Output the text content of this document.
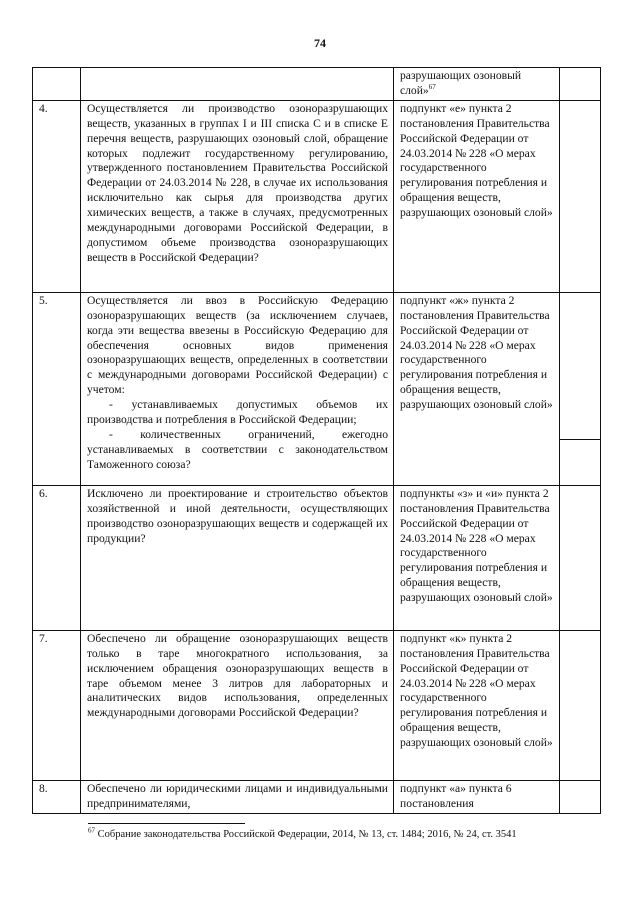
74
		разрушающих озоновый слой»$^{67}$	
4.	Осуществляется ли производство озоноразрушающих веществ, указанных в группах I и III списка С и в списке Е перечня веществ, разрушающих озоновый слой, обращение которых подлежит государственному регулированию, утвержденного постановлением Правительства Российской Федерации от 24.03.2014 № 228, в случае их использования исключительно как сырья для производства других химических веществ, а также в случаях, предусмотренных международными договорами Российской Федерации, в допустимом объеме производства озоноразрушающих веществ в Российской Федерации?	подпункт «е» пункта 2 постановления Правительства Российской Федерации от 24.03.2014 № 228 «О мерах государственного регулирования потребления и обращения веществ, разрушающих озоновый слой»	
5.	Осуществляется ли ввоз в Российскую Федерацию озоноразрушающих веществ (за исключением случаев, когда эти вещества ввезены в Российскую Федерацию для обеспечения основных видов применения озоноразрушающих веществ, определенных в соответствии с международными договорами Российской Федерации) с учетом:
- устанавливаемых допустимых объемов их производства и потребления в Российской Федерации;
- количественных ограничений, ежегодно устанавливаемых в соответствии с законодательством Таможенного союза?	подпункт «ж» пункта 2 постановления Правительства Российской Федерации от 24.03.2014 № 228 «О мерах государственного регулирования потребления и обращения веществ, разрушающих озоновый слой»	

6.	Исключено ли проектирование и строительство объектов хозяйственной и иной деятельности, осуществляющих производство озоноразрушающих веществ и содержащей их продукции?	подпункты «з» и «и» пункта 2 постановления Правительства Российской Федерации от 24.03.2014 № 228 «О мерах государственного регулирования потребления и обращения веществ, разрушающих озоновый слой»	
7.	Обеспечено ли обращение озоноразрушающих веществ только в таре многократного использования, за исключением обращения озоноразрушающих веществ в таре объемом менее 3 литров для лабораторных и аналитических видов использования, определенных международными договорами Российской Федерации?	подпункт «к» пункта 2 постановления Правительства Российской Федерации от 24.03.2014 № 228 «О мерах государственного регулирования потребления и обращения веществ, разрушающих озоновый слой»	
8.	Обеспечено ли юридическими лицами и индивидуальными предпринимателями,	подпункт «а» пункта 6 постановления	
$^{67}$ Собрание законодательства Российской Федерации, 2014, № 13, ст. 1484; 2016, № 24, ст. 3541
